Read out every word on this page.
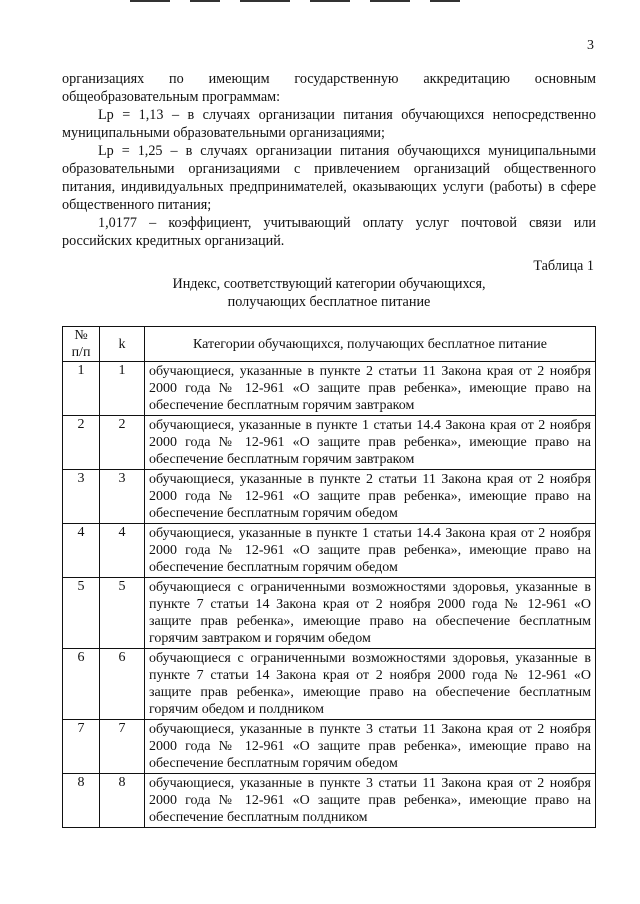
3

организациях по имеющим государственную аккредитацию основным общеобразовательным программам:

Lp = 1,13 – в случаях организации питания обучающихся непосредственно муниципальными образовательными организациями;

Lp = 1,25 – в случаях организации питания обучающихся муниципальными образовательными организациями с привлечением организаций общественного питания, индивидуальных предпринимателей, оказывающих услуги (работы) в сфере общественного питания;

1,0177 – коэффициент, учитывающий оплату услуг почтовой связи или российских кредитных организаций.

Таблица 1
Индекс, соответствующий категории обучающихся,
получающих бесплатное питание
№ п/п	k	Категории обучающихся, получающих бесплатное питание
1	1	обучающиеся, указанные в пункте 2 статьи 11 Закона края от 2 ноября 2000 года № 12-961 «О защите прав ребенка», имеющие право на обеспечение бесплатным горячим завтраком
2	2	обучающиеся, указанные в пункте 1 статьи 14.4 Закона края от 2 ноября 2000 года № 12-961 «О защите прав ребенка», имеющие право на обеспечение бесплатным горячим завтраком
3	3	обучающиеся, указанные в пункте 2 статьи 11 Закона края от 2 ноября 2000 года № 12-961 «О защите прав ребенка», имеющие право на обеспечение бесплатным горячим обедом
4	4	обучающиеся, указанные в пункте 1 статьи 14.4 Закона края от 2 ноября 2000 года № 12-961 «О защите прав ребенка», имеющие право на обеспечение бесплатным горячим обедом
5	5	обучающиеся с ограниченными возможностями здоровья, указанные в пункте 7 статьи 14 Закона края от 2 ноября 2000 года № 12-961 «О защите прав ребенка», имеющие право на обеспечение бесплатным горячим завтраком и горячим обедом
6	6	обучающиеся с ограниченными возможностями здоровья, указанные в пункте 7 статьи 14 Закона края от 2 ноября 2000 года № 12-961 «О защите прав ребенка», имеющие право на обеспечение бесплатным горячим обедом и полдником
7	7	обучающиеся, указанные в пункте 3 статьи 11 Закона края от 2 ноября 2000 года № 12-961 «О защите прав ребенка», имеющие право на обеспечение бесплатным горячим обедом
8	8	обучающиеся, указанные в пункте 3 статьи 11 Закона края от 2 ноября 2000 года № 12-961 «О защите прав ребенка», имеющие право на обеспечение бесплатным полдником
